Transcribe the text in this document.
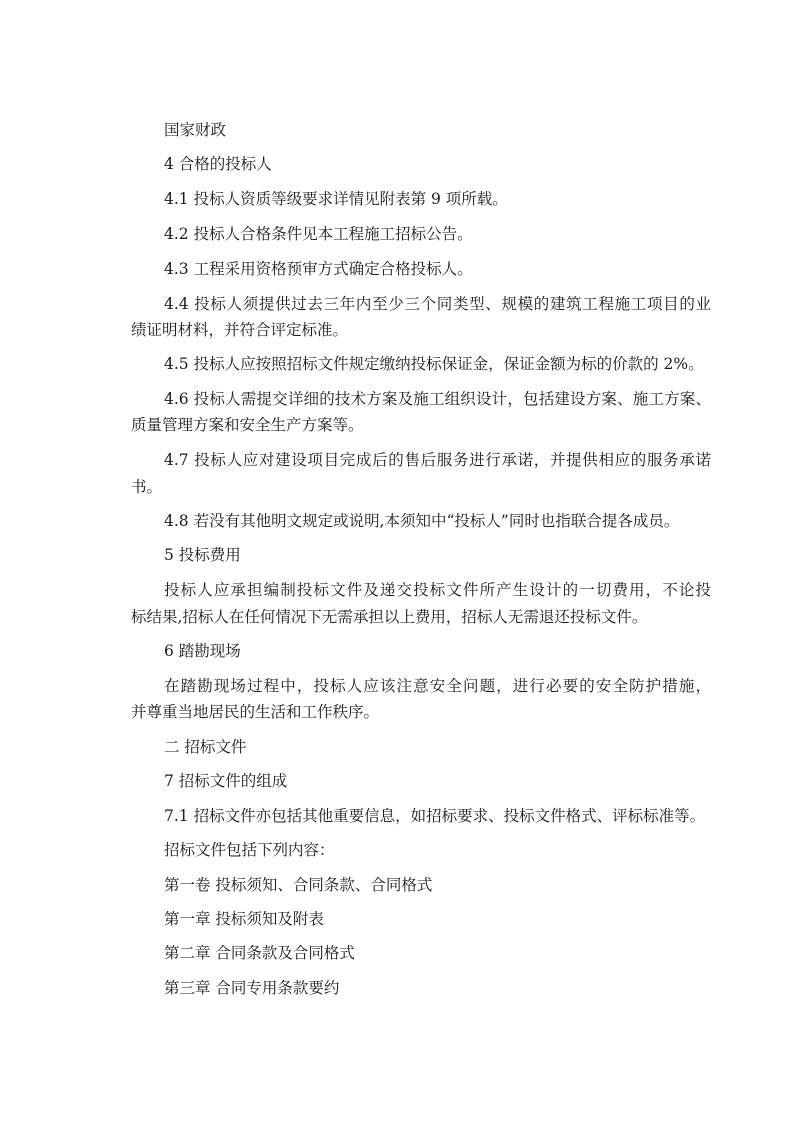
国家财政
4 合格的投标人
4.1 投标人资质等级要求详情见附表第 9 项所载。
4.2 投标人合格条件见本工程施工招标公告。
4.3 工程采用资格预审方式确定合格投标人。
4.4 投标人须提供过去三年内至少三个同类型、规模的建筑工程施工项目的业
绩证明材料，并符合评定标准。
4.5 投标人应按照招标文件规定缴纳投标保证金，保证金额为标的价款的 2%。
4.6 投标人需提交详细的技术方案及施工组织设计，包括建设方案、施工方案、
质量管理方案和安全生产方案等。
4.7 投标人应对建设项目完成后的售后服务进行承诺，并提供相应的服务承诺
书。
4.8 若没有其他明文规定或说明,本须知中“投标人”同时也指联合提各成员。
5 投标费用
投标人应承担编制投标文件及递交投标文件所产生设计的一切费用，不论投
标结果,招标人在任何情况下无需承担以上费用，招标人无需退还投标文件。
6 踏勘现场
在踏勘现场过程中，投标人应该注意安全问题，进行必要的安全防护措施，
并尊重当地居民的生活和工作秩序。
二 招标文件
7 招标文件的组成
7.1 招标文件亦包括其他重要信息，如招标要求、投标文件格式、评标标准等。
招标文件包括下列内容：
第一卷 投标须知、合同条款、合同格式
第一章 投标须知及附表
第二章 合同条款及合同格式
第三章 合同专用条款要约
